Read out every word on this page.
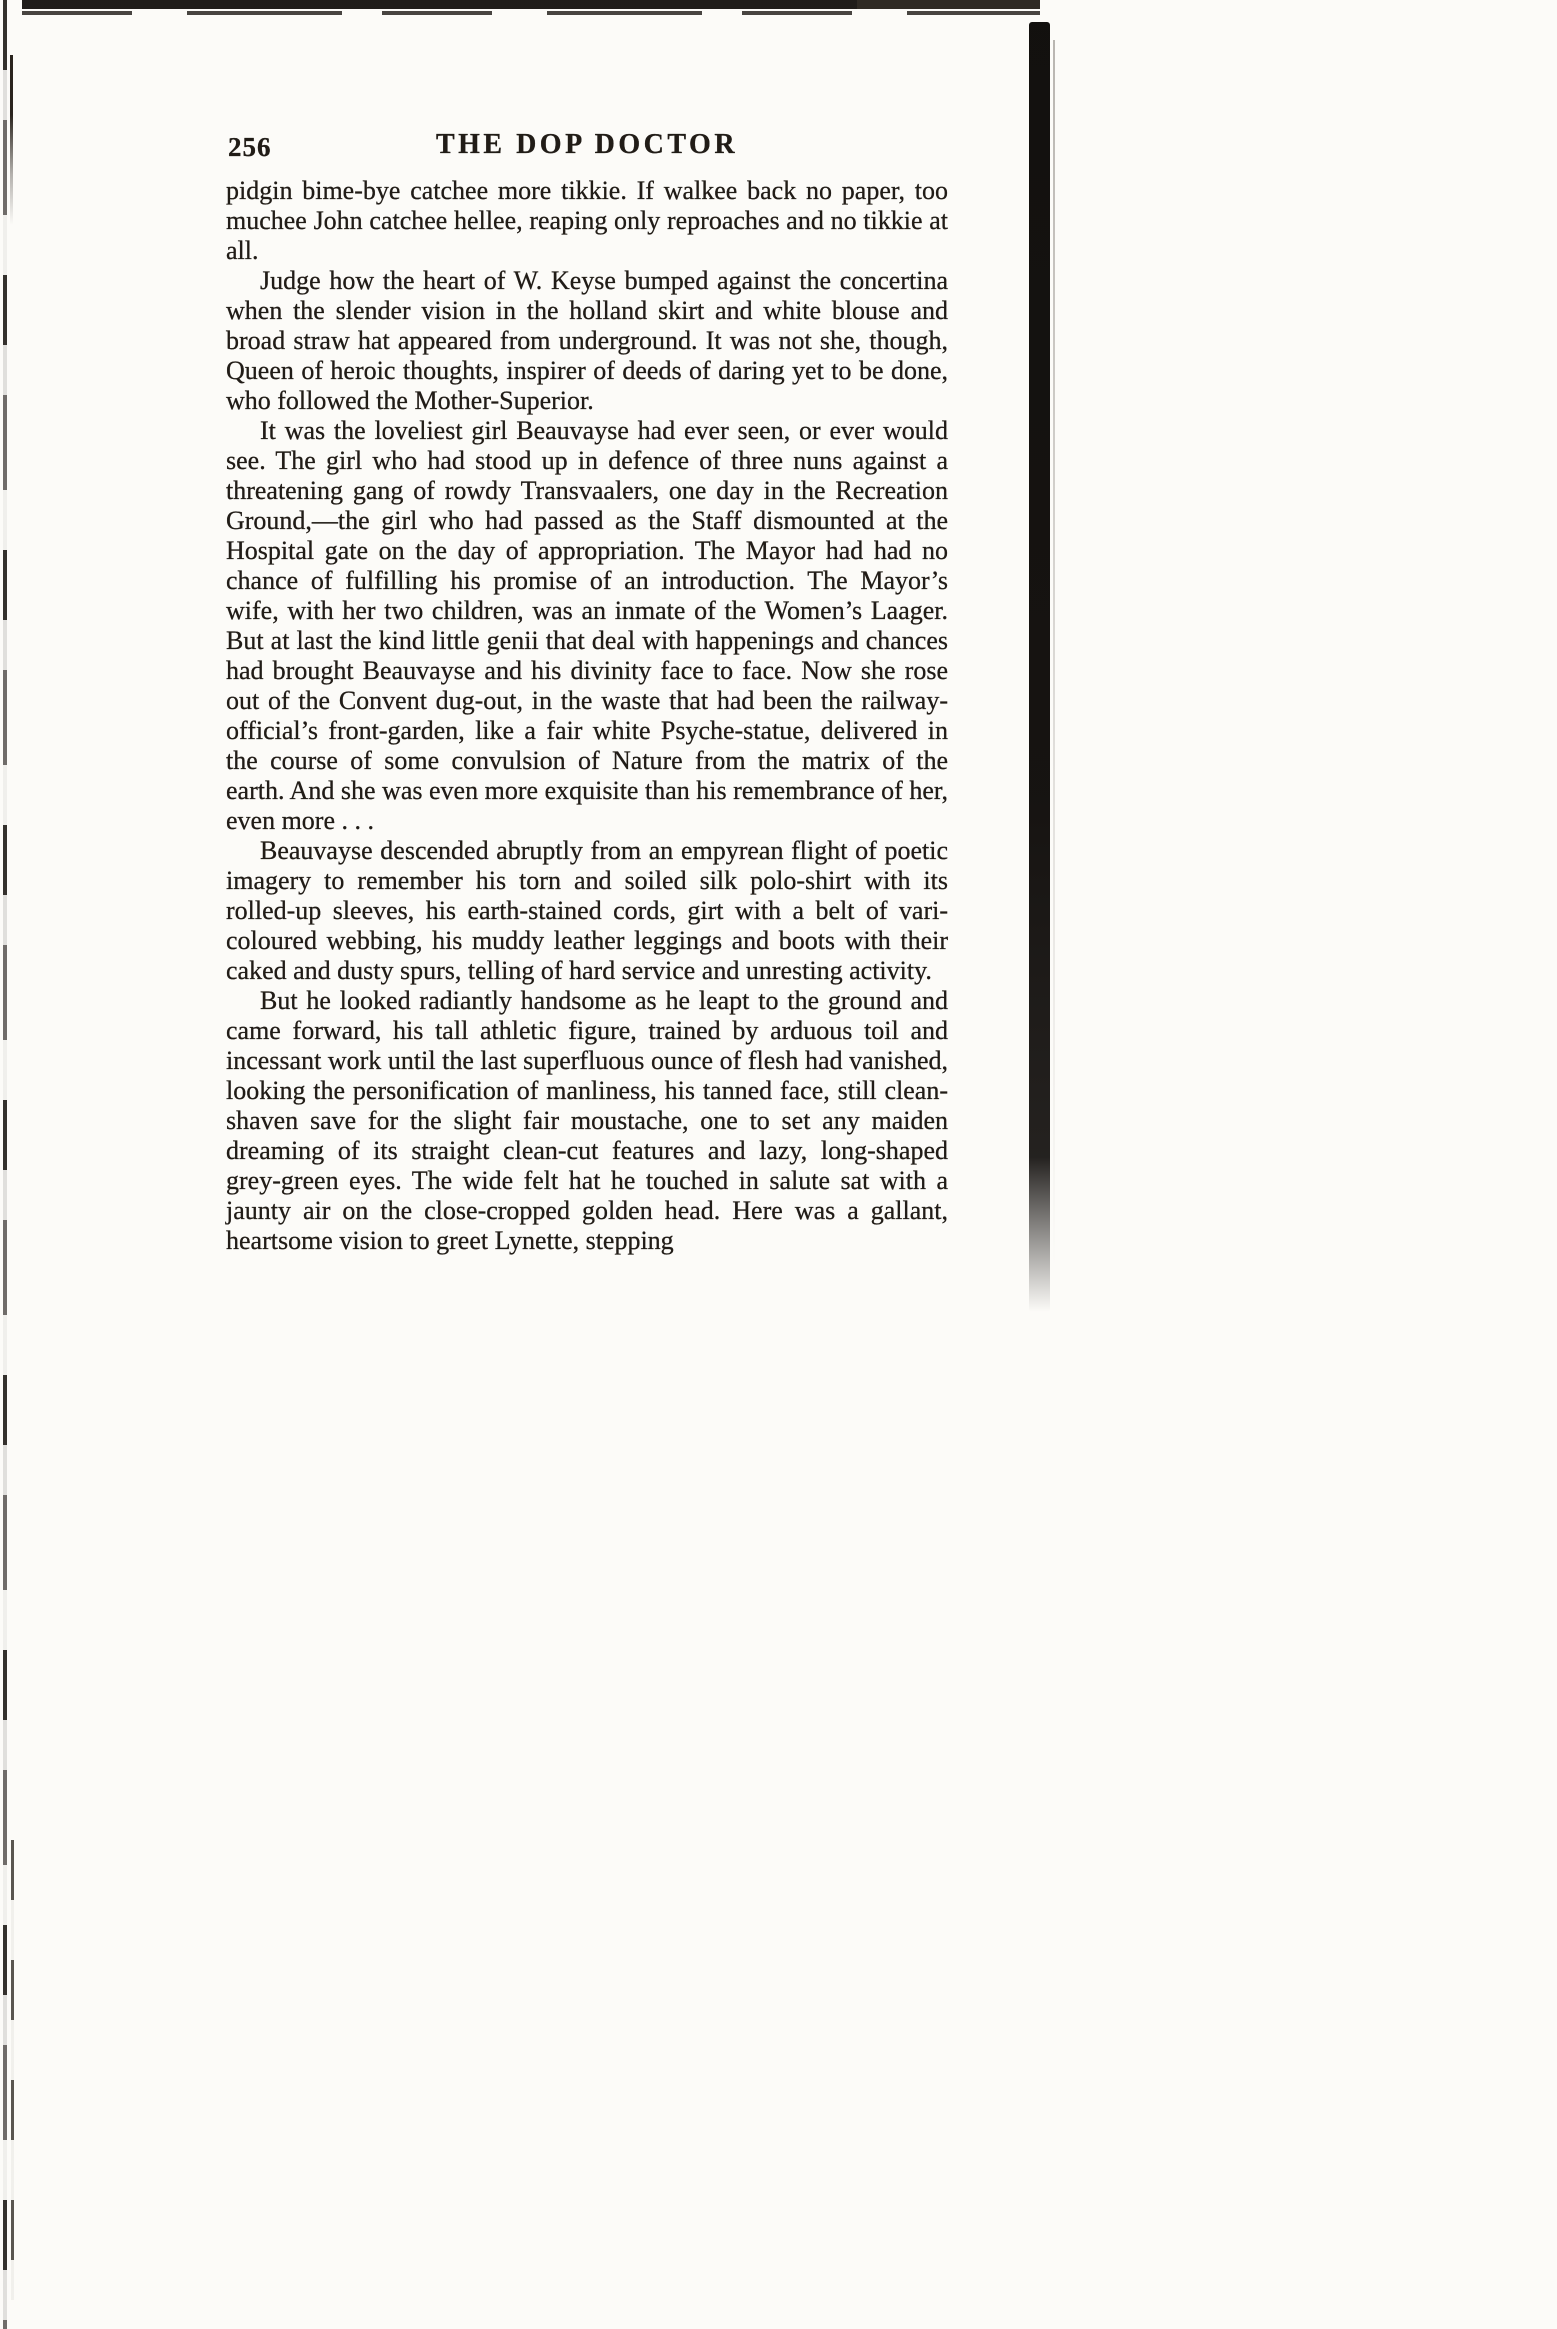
256	THE DOP DOCTOR

pidgin bime-bye catchee more tikkie. If walkee back no paper, too muchee John catchee hellee, reaping only reproaches and no tikkie at all.

Judge how the heart of W. Keyse bumped against the concertina when the slender vision in the holland skirt and white blouse and broad straw hat appeared from underground. It was not she, though, Queen of heroic thoughts, inspirer of deeds of daring yet to be done, who followed the Mother-Superior.

It was the loveliest girl Beauvayse had ever seen, or ever would see. The girl who had stood up in defence of three nuns against a threatening gang of rowdy Transvaalers, one day in the Recreation Ground,—the girl who had passed as the Staff dismounted at the Hospital gate on the day of appropriation. The Mayor had had no chance of fulfilling his promise of an introduction. The Mayor’s wife, with her two children, was an inmate of the Women’s Laager. But at last the kind little genii that deal with happenings and chances had brought Beauvayse and his divinity face to face. Now she rose out of the Convent dug-out, in the waste that had been the railway-official’s front-garden, like a fair white Psyche-statue, delivered in the course of some convulsion of Nature from the matrix of the earth. And she was even more exquisite than his remembrance of her, even more . . .

Beauvayse descended abruptly from an empyrean flight of poetic imagery to remember his torn and soiled silk polo-shirt with its rolled-up sleeves, his earth-stained cords, girt with a belt of vari-coloured webbing, his muddy leather leggings and boots with their caked and dusty spurs, telling of hard service and unresting activity.

But he looked radiantly handsome as he leapt to the ground and came forward, his tall athletic figure, trained by arduous toil and incessant work until the last superfluous ounce of flesh had vanished, looking the personification of manliness, his tanned face, still clean-shaven save for the slight fair moustache, one to set any maiden dreaming of its straight clean-cut features and lazy, long-shaped grey-green eyes. The wide felt hat he touched in salute sat with a jaunty air on the close-cropped golden head. Here was a gallant, heartsome vision to greet Lynette, stepping
